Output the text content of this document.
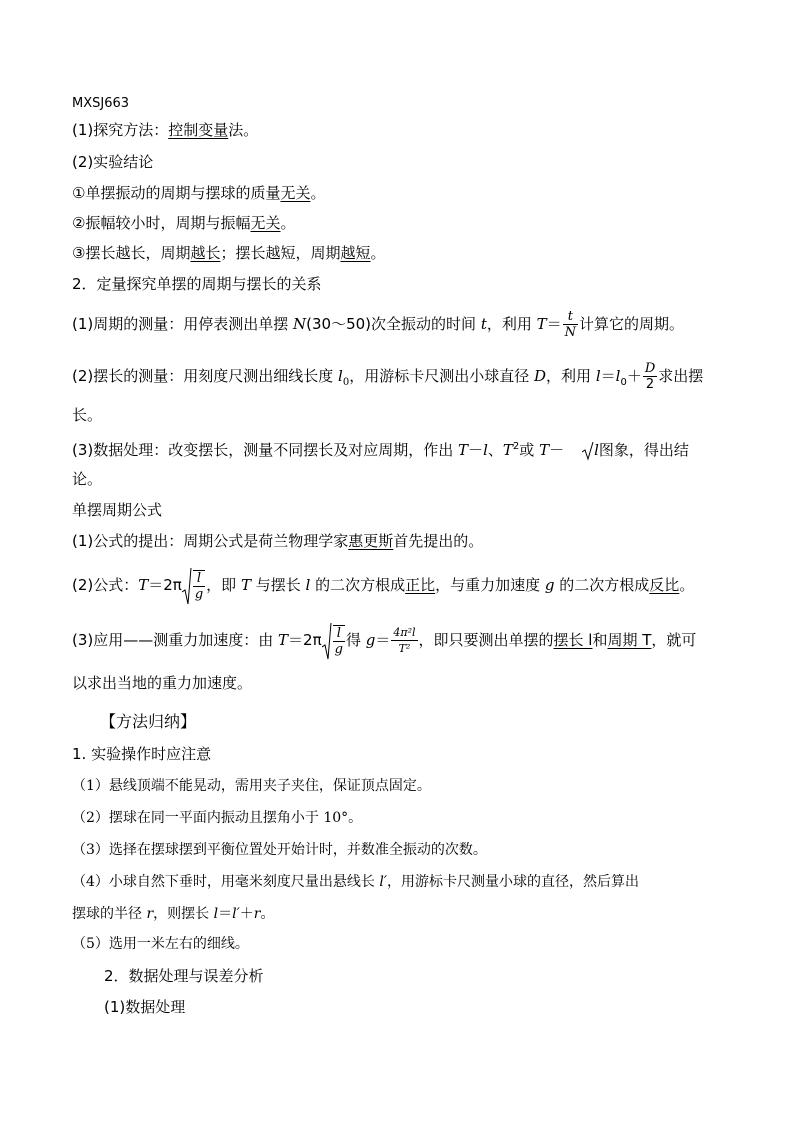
MXSJ663
(1)探究方法：控制变量法。
(2)实验结论
①单摆振动的周期与摆球的质量无关。
②振幅较小时，周期与振幅无关。
③摆长越长，周期越长；摆长越短，周期越短。
2．定量探究单摆的周期与摆长的关系
(1)周期的测量：用停表测出单摆 N(30～50)次全振动的时间 t，利用 $T= \frac{t}{N}$ 计算它的周期。
(2)摆长的测量：用刻度尺测出细线长度 $l_0$，用游标卡尺测出小球直径 D，利用 $l=l_0+ \frac{D}{2}$ 求出摆
长。
(3)数据处理：改变摆长，测量不同摆长及对应周期，作出 T－l、$T^2$或 T－ l图象，得出结
论。
单摆周期公式
(1)公式的提出：周期公式是荷兰物理学家惠更斯首先提出的。
(2)公式：$T=2\pi \frac{l}{g}$ ，即 T 与摆长 l 的二次方根成正比，与重力加速度 g 的二次方根成反比。
(3)应用——测重力加速度：由 $T=2\pi \frac{l}{g}$ 得 $g= \frac{\text{4π²l}}{\text{T²}}$ ，即只要测出单摆的摆长 l和周期 T，就可
以求出当地的重力加速度。
【方法归纳】
1. 实验操作时应注意
（1）悬线顶端不能晃动，需用夹子夹住，保证顶点固定。
（2）摆球在同一平面内振动且摆角小于 10°。
（3）选择在摆球摆到平衡位置处开始计时，并数准全振动的次数。
（4）小球自然下垂时，用毫米刻度尺量出悬线长 l′，用游标卡尺测量小球的直径，然后算出
摆球的半径 r，则摆长 l＝l′＋r。
（5）选用一米左右的细线。
2．数据处理与误差分析
(1)数据处理
